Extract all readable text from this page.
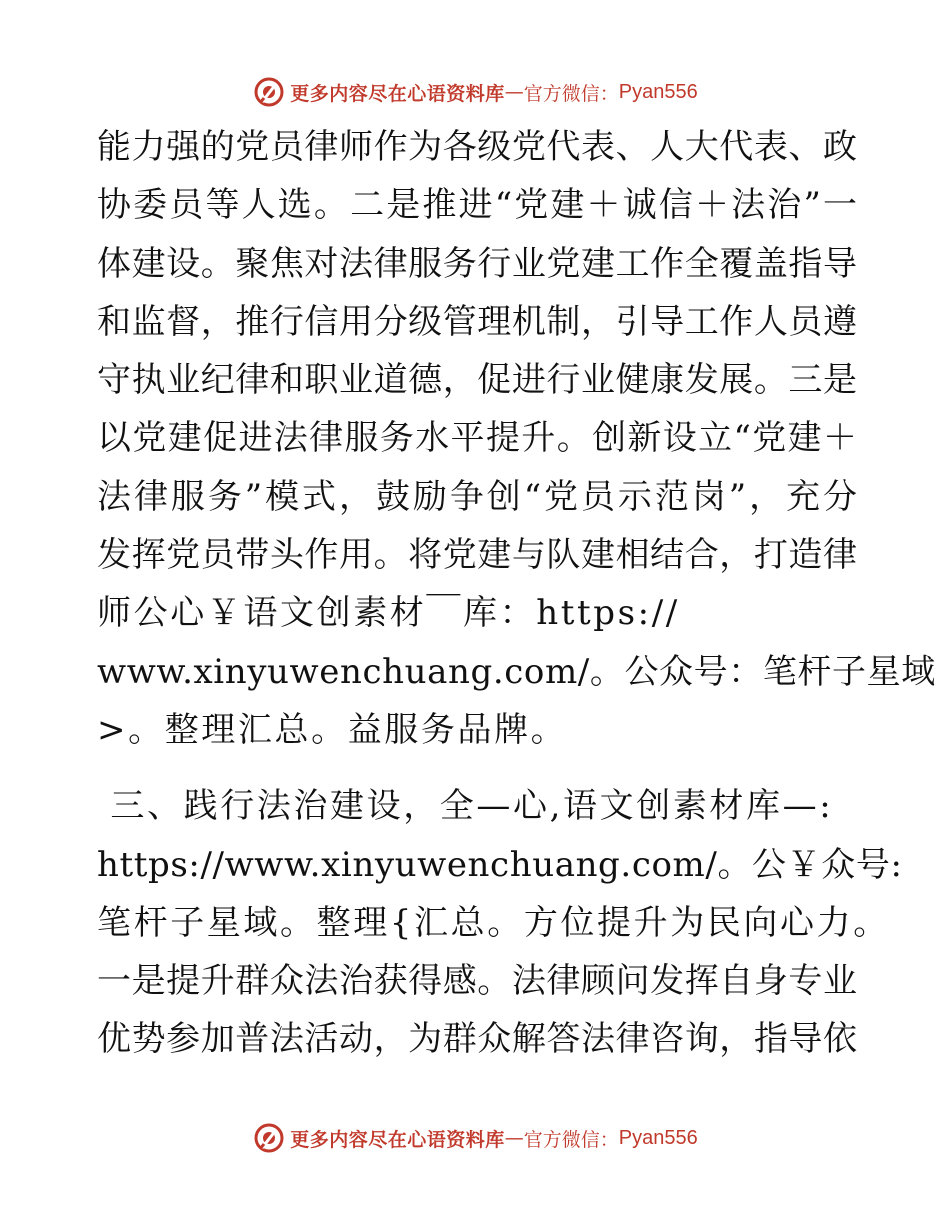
更多内容尽在心语资料库 — 官方微信： Pyan556
能力强的党员律师作为各级党代表、人大代表、政
协委员等人选。二是推进“党建＋诚信＋法治”一
体建设。聚焦对法律服务行业党建工作全覆盖指导
和监督，推行信用分级管理机制，引导工作人员遵
守执业纪律和职业道德，促进行业健康发展。三是
以党建促进法律服务水平提升。创新设立“党建＋
法律服务”模式，鼓励争创“党员示范岗”，充分
发挥党员带头作用。将党建与队建相结合，打造律
师公心￥语文创素材￣库：https://
www.xinyuwenchuang.com/。公众号：笔杆子星域
>。整理汇总。益服务品牌。
三、践行法治建设，全—心,语文创素材库—:
https://www.xinyuwenchuang.com/。公￥众号:
笔杆子星域。整理{汇总。方位提升为民向心力。
一是提升群众法治获得感。法律顾问发挥自身专业
优势参加普法活动，为群众解答法律咨询，指导依
更多内容尽在心语资料库 — 官方微信： Pyan556
